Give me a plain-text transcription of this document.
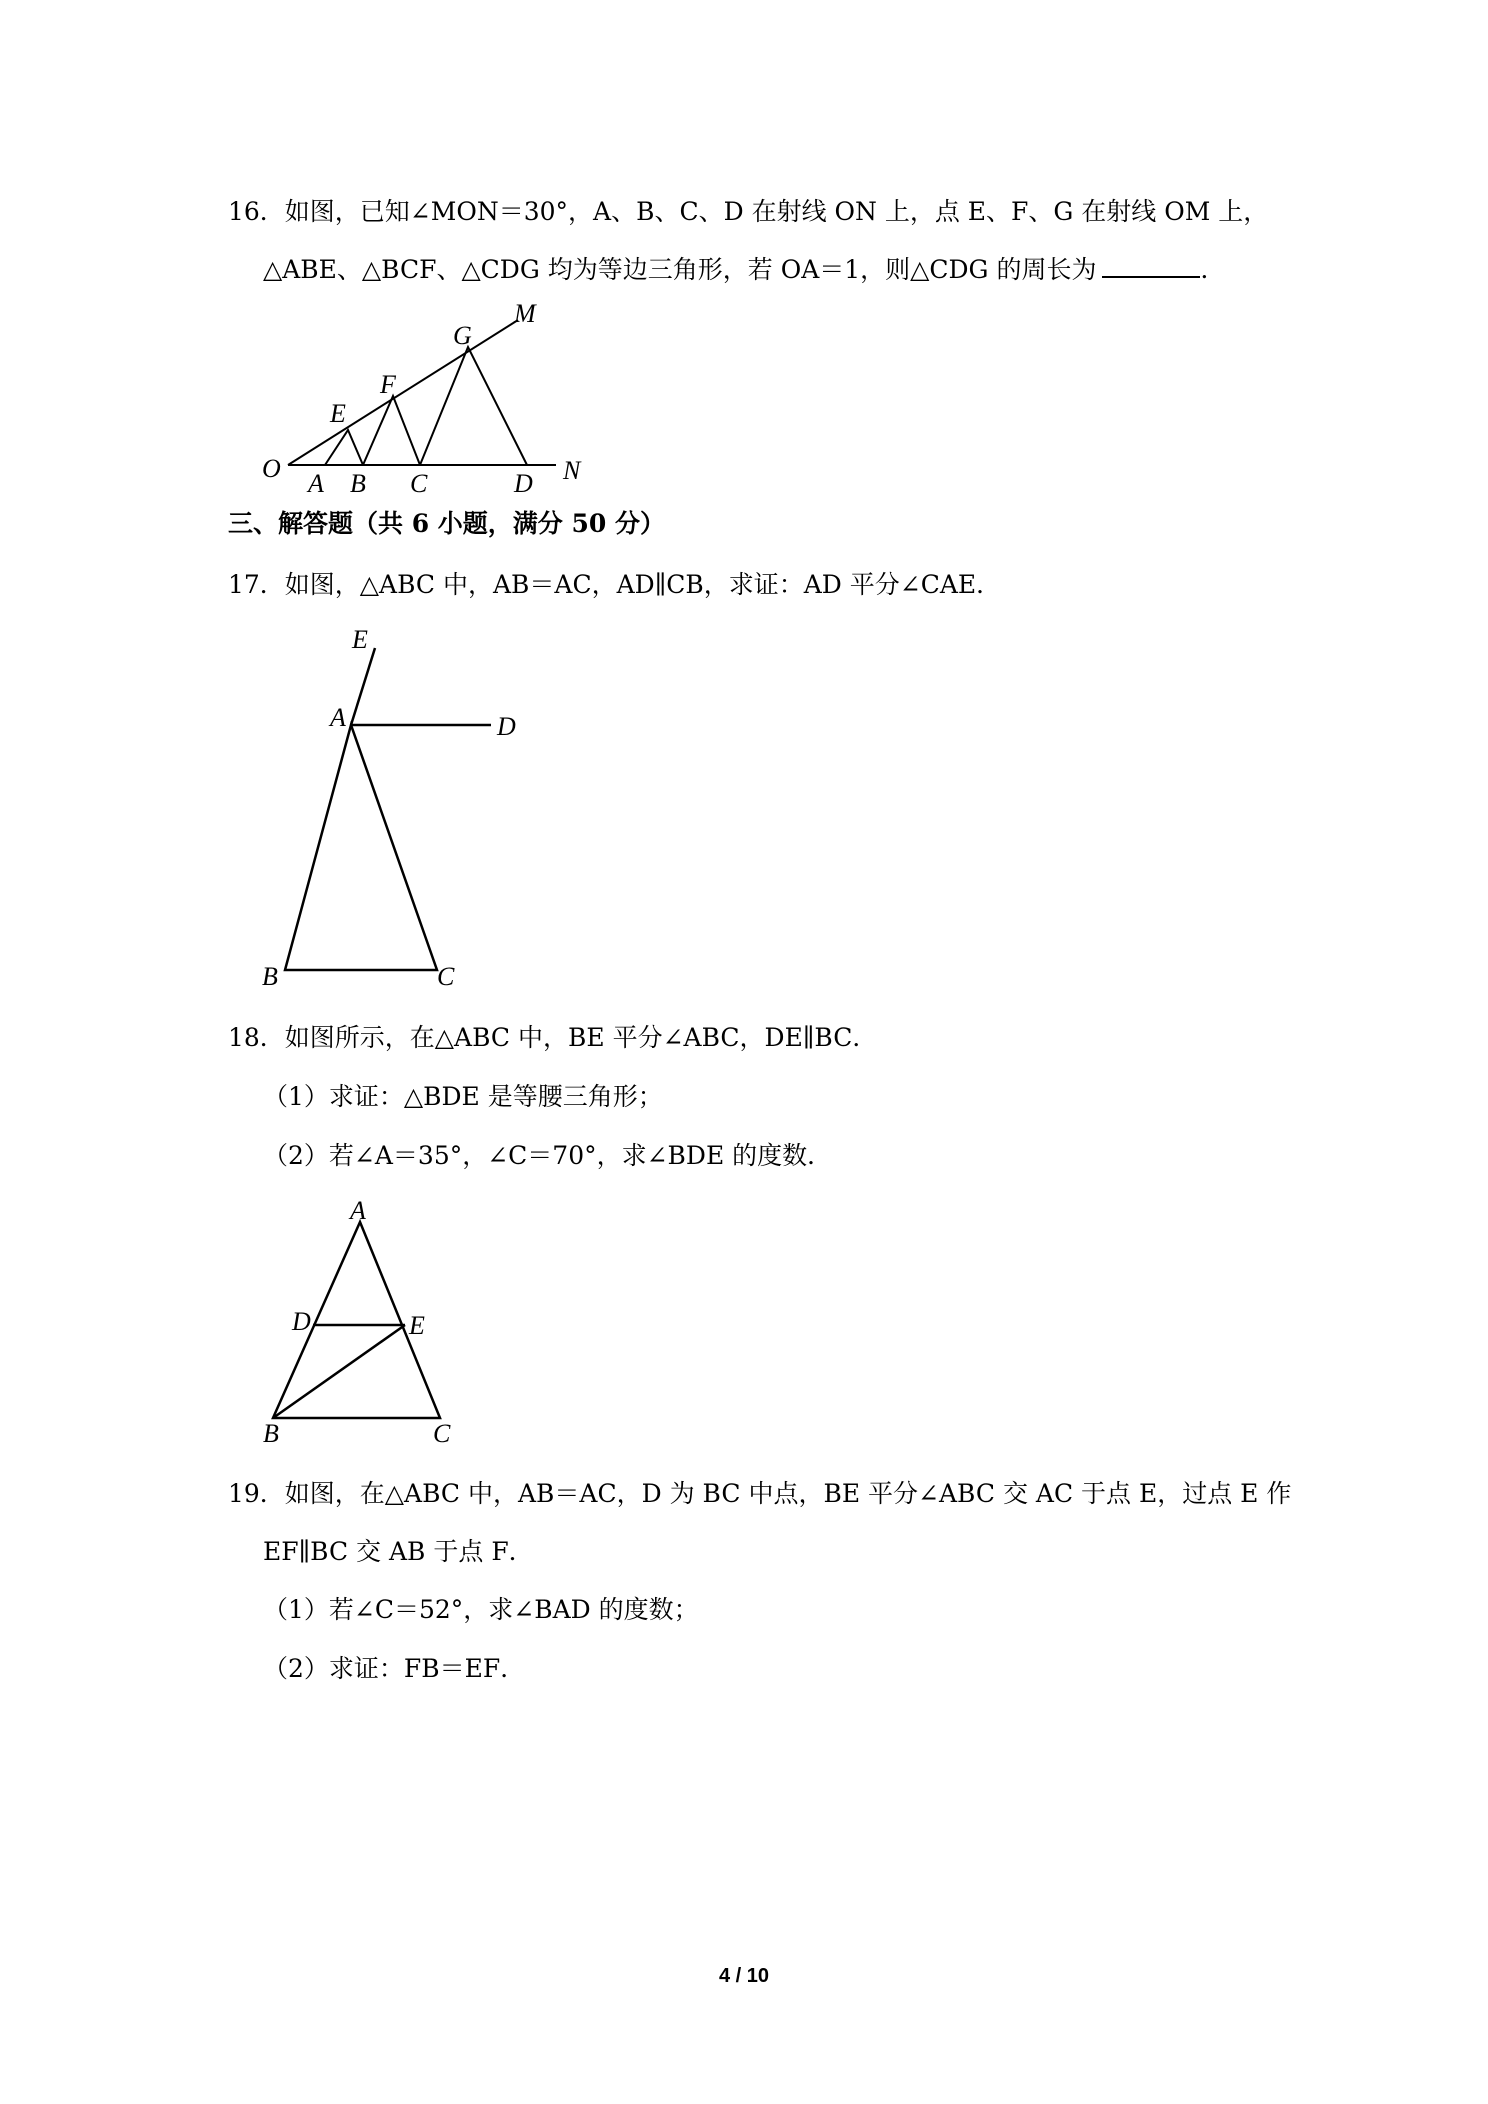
16．如图，已知∠MON＝30°，A、B、C、D 在射线 ON 上，点 E、F、G 在射线 OM 上，
△ABE、△BCF、△CDG 均为等边三角形，若 OA＝1，则△CDG 的周长为	．
O
A B C	D N
E
F
G
M
三、解答题（共 6 小题，满分 50 分）
17．如图，△ABC 中，AB＝AC，AD∥CB，求证：AD 平分∠CAE．
E
A	D
B	C
18．如图所示，在△ABC 中，BE 平分∠ABC，DE∥BC．
（1）求证：△BDE 是等腰三角形；
（2）若∠A＝35°，∠C＝70°，求∠BDE 的度数．
A
D	E
B	C
19．如图，在△ABC 中，AB＝AC，D 为 BC 中点，BE 平分∠ABC 交 AC 于点 E，过点 E 作
EF∥BC 交 AB 于点 F．
（1）若∠C＝52°，求∠BAD 的度数；
（2）求证：FB＝EF．
4 / 10
